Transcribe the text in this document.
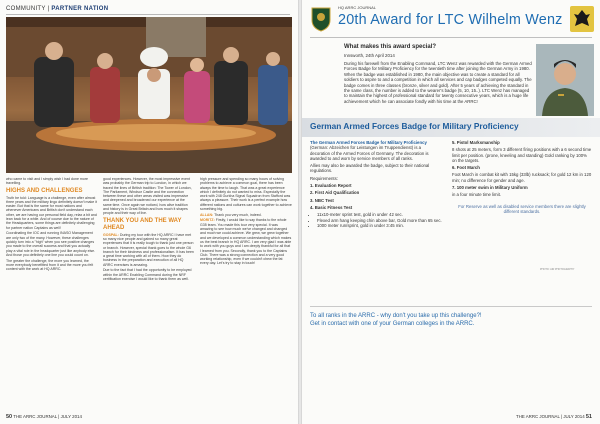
COMMUNITY | PARTNER NATION

who came to visit and I simply wish I had done more travelling.

HIGHS AND CHALLENGES

Truth be told: Language is a challenge, even after almost three years and the military lingo definitely doesn't make it easier. But that is the same for most nations and whenever Americans and British don't understand each other, we are having our personal field day, relax a bit and lean back for a while. And of course due to the nature of the Headquarters, some things are definitely challenging for partner nation Captains as well!

Coordinating the IOC and running INASO Management are only two of the many. However, these challenges quickly turn into a "high" when you see positive changes you made to the overall success and that you actually play a vital role in the headquarter just like anybody else. And those you definitely one line you could count on.

The greater the challenge, the more you learned, the more everybody benefitted from it and the more you felt content with the work at HQ ARRC.

good experiences. However, the most impressive event was probably the German trip to London, in which we traced the lines of British tradition: The Tower of London, The Parliament, Windsor Castle and the connection between these and other areas visited was impressive and deepened and broadened our experience at the same time. Once again we noticed, how alive tradition and history is in Great Britain and how much it shapes people and their way of live.

THANK YOU AND THE WAY AHEAD

GOSPAL: During my tour with the HQ ARRC I have met so many nice people and gained so many great experiences that it is really tough to thank just one person or branch. However, special thank goes to the whole G6 branch for their kindness and professionalism. It has been a great time working with all of them. How they do business in the preparation and execution of all HQ ARRC exercises is amazing.

Due to the fact that I had the opportunity to be employed within the ARRC Enabling Command during the NRF certification exercise I would like to thank them as well.

high pressure and spending so many hours of solving problems to achieve a common goal, there has been always the time to laugh. That was a great experience which I definitely do not wanted to miss. Especially the work with 248 Gurkha Signal Squadron from Stafford was always a pleasure. Their work is a perfect example how different nations and cultures can work together to achieve something big.

ALLAN: Thank you very much, indeed.

MORITZ: Firstly, I would like to say thanks to the whole G35 team. You made this tour very special. It was amazing to see how much we've changed and changed and much we could achieve. We grew, we grew together and we developed a common understanding which makes us the best branch in HQ ARRC. I am very glad I was able to work with you guys and I am deeply thankful for all that I learned from you. Secondly, thank you to the Captains Club. There was a strong connection and a very good working relationship, even if we couldn't chew the fat every day. Let's try to stay in touch!

50 THE ARRC JOURNAL | JULY 2014
HQ ARRC JOURNAL
20th Award for LTC Wilhelm Wenz
What makes this award special?
Innsworth, 24th April 2014
During his farewell from the Enabling Command, LTC Wenz was rewarded with the German Armed Forces Badge for Military Proficiency for the twentieth time after joining the German Army in 1980. When the badge was established in 1980, the main objective was to create a standard for all soldiers to aspire to and a competition in which all services and cap badges competed equally. The badge comes in three classes (bronze, silver and gold). After 5 years of achieving the standard in the same class, the number is added to the wearer's badge (5, 10, 15..). LTC Wenz has managed to maintain the highest of professional standard for twenty consecutive years, which is a huge life achievement which he can associate fondly with his time at the ARRC!
German Armed Forces Badge for Military Proficiency

The German Armed Forces Badge for Military Proficiency (German: Abzeichen für Leistungen im Truppendienst) is a decoration of the Armed Forces of Germany. The decoration is awarded to and worn by service members of all ranks.

Allies may also be awarded the badge, subject to their national regulations.

Requirements:

1. Evaluation Report

2. First Aid Qualification

3. NBC Test

4. Basic Fitness Test

• 11x10-meter sprint test, gold in under 42 sec.
• Flexed arm hang keeping chin above bar, Gold more than 65 sec.
• 1000 meter run/sprint, gold in under 3:45 min.

5. Pistol Marksmanship

8 shots at 25 meters, form 3 different firing positions with a 6 second time limit per position. (prone, kneeling and standing) Gold ranking by 100% on the targets.

6. Foot March

Foot March in combat kit with 15kg (33lb) rucksack; for gold 12 km in 120 min; no difference for gender and age.

7. 100 meter swim in Military Uniform

in a four minute time limit.

For Reserve as well as disabled service members there are slightly different standards.

PHOTO: AIR PHOTOGRAPHY
To all ranks in the ARRC - why don't you take up this challenge?!
Get in contact with one of your German colleges in the ARRC.
THE ARRC JOURNAL | JULY 2014 51
